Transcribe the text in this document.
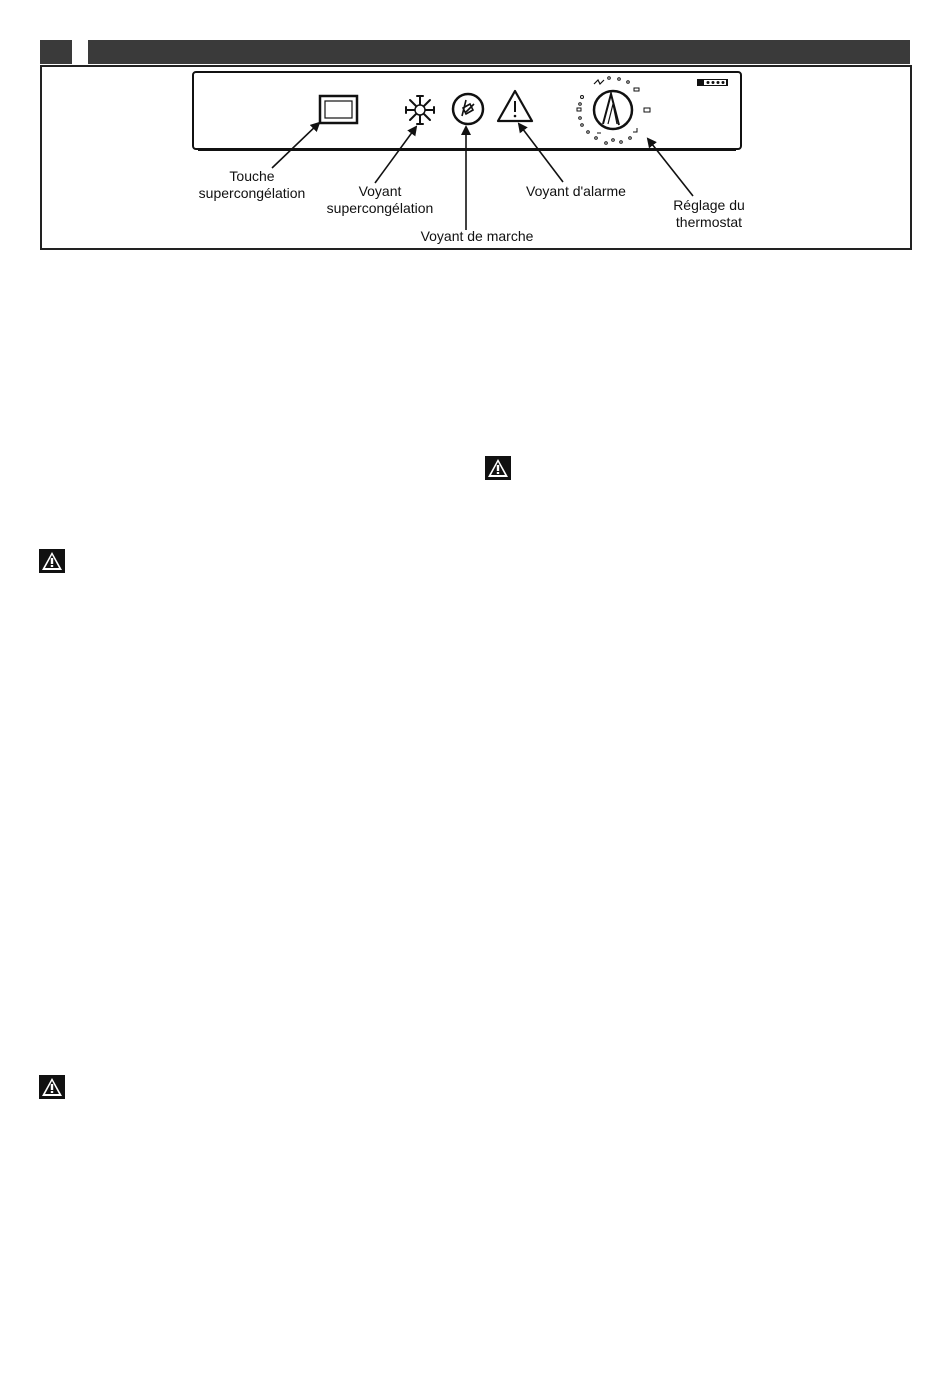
Touche
supercongélation	Voyant
supercongélation
Voyant de marche
Voyant d'alarme
Réglage du
thermostat
